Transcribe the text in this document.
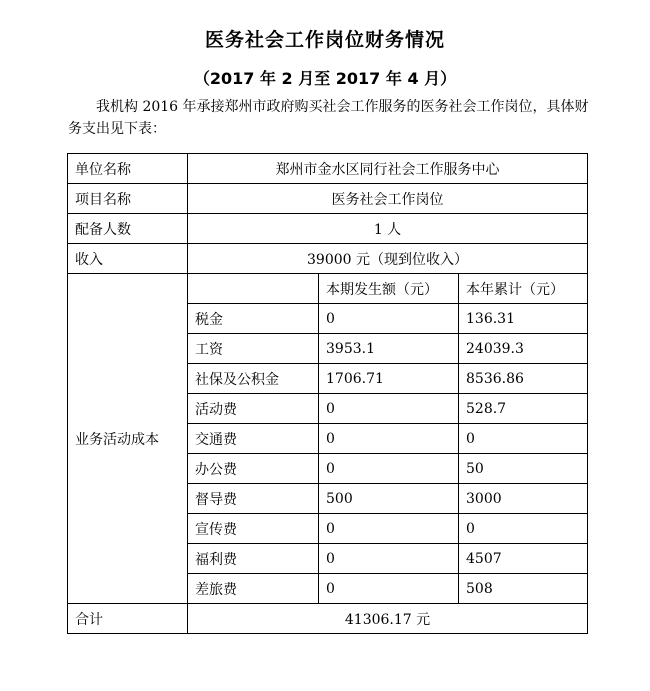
医务社会工作岗位财务情况
（2017 年 2 月至 2017 年 4 月）

我机构 2016 年承接郑州市政府购买社会工作服务的医务社会工作岗位，具体财务支出见下表：

单位名称	郑州市金水区同行社会工作服务中心		
项目名称	医务社会工作岗位		
配备人数	1 人		
收入	39000 元（现到位收入）		
业务活动成本		本期发生额（元）	本年累计（元）
	税金	0	136.31
	工资	3953.1	24039.3
	社保及公积金	1706.71	8536.86
	活动费	0	528.7
	交通费	0	0
	办公费	0	50
	督导费	500	3000
	宣传费	0	0
	福利费	0	4507
	差旅费	0	508
合计	41306.17 元		
